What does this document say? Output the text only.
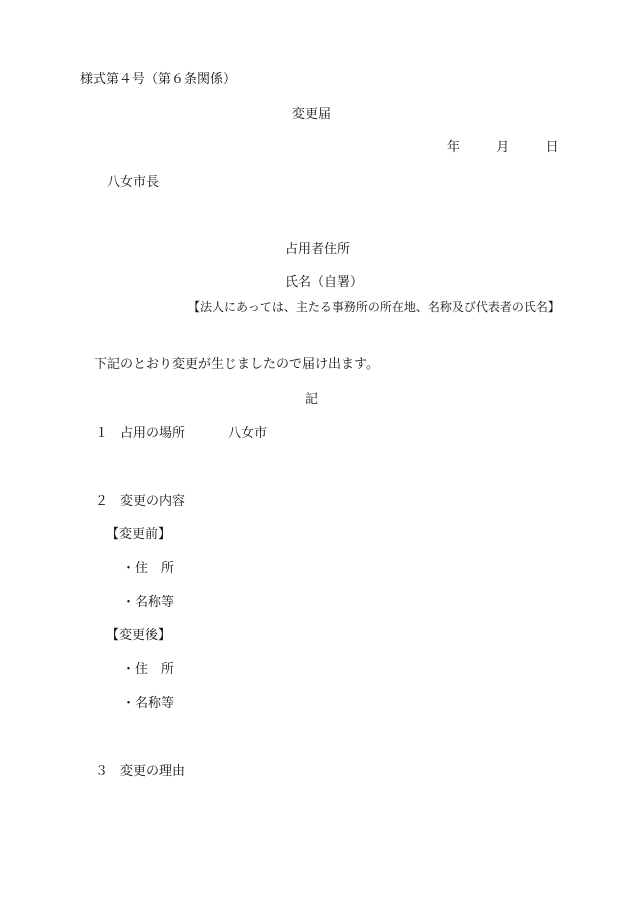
様式第４号（第６条関係）
変更届
年	月	日
八女市長
占用者住所
氏名（自署）
【法人にあっては、主たる事務所の所在地、名称及び代表者の氏名】
下記のとおり変更が生じましたので届け出ます。
記
１ 占用の場所	八女市
２ 変更の内容
【変更前】
・住　所
・名称等
【変更後】
・住　所
・名称等
３ 変更の理由
